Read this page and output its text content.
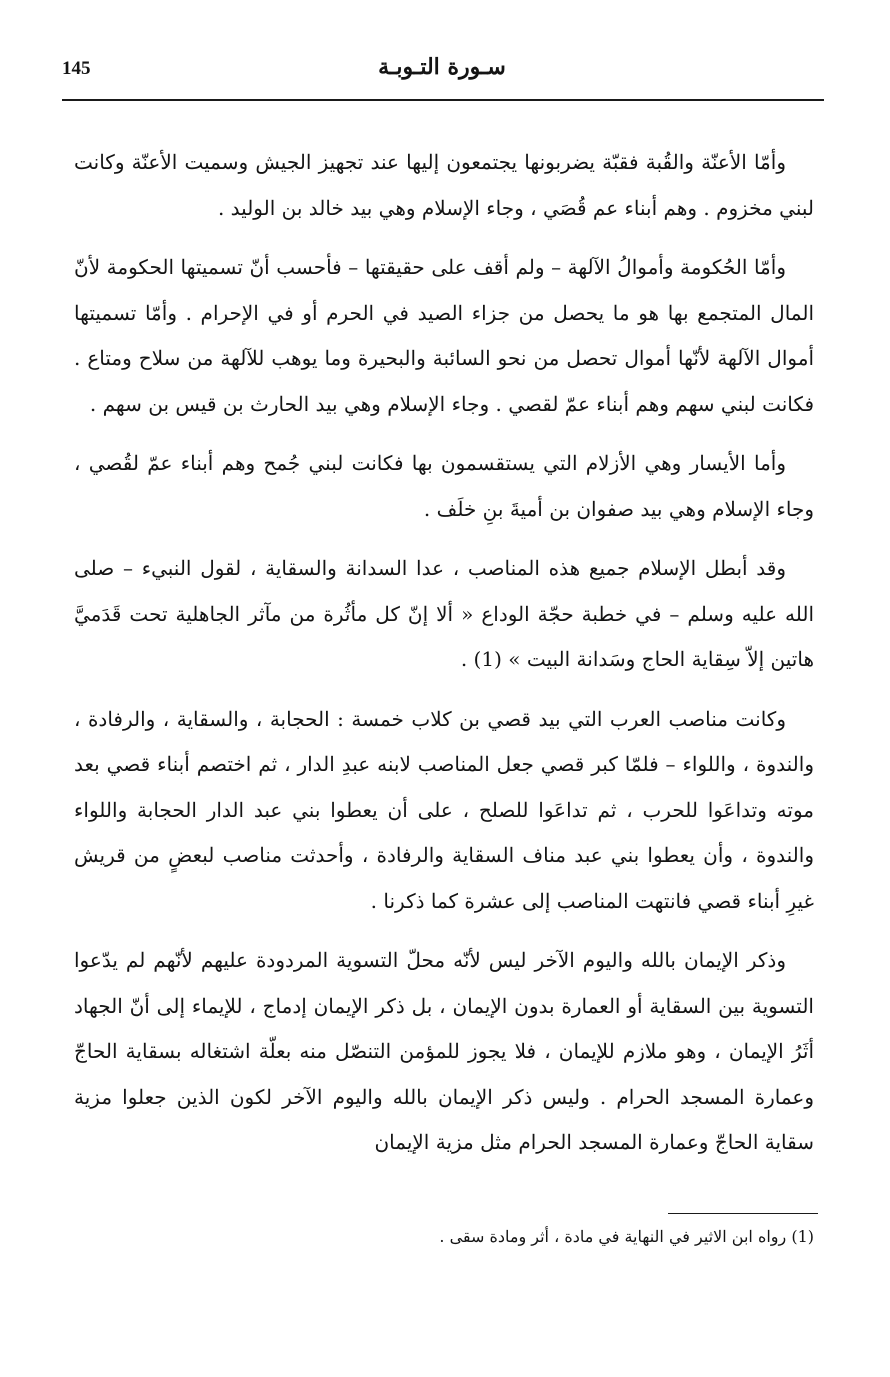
145	سـورة التـوبـة

وأمّا الأعنّة والقُبة فقبّة يضربونها يجتمعون إليها عند تجهيز الجيش وسميت الأعنّة وكانت لبني مخزوم . وهم أبناء عم قُصَي ، وجاء الإسلام وهي بيد خالد بن الوليد .

وأمّا الحُكومة وأموالُ الآلهة – ولم أقف على حقيقتها – فأحسب أنّ تسميتها الحكومة لأنّ المال المتجمع بها هو ما يحصل من جزاء الصيد في الحرم أو في الإحرام . وأمّا تسميتها أموال الآلهة لأنّها أموال تحصل من نحو السائبة والبحيرة وما يوهب للآلهة من سلاح ومتاع . فكانت لبني سهم وهم أبناء عمّ لقصي . وجاء الإسلام وهي بيد الحارث بن قيس بن سهم .

وأما الأيسار وهي الأزلام التي يستقسمون بها فكانت لبني جُمح وهم أبناء عمّ لقُصي ، وجاء الإسلام وهي بيد صفوان بن أميةَ بنِ خلَف .

وقد أبطل الإسلام جميع هذه المناصب ، عدا السدانة والسقاية ، لقول النبيء – صلى الله عليه وسلم – في خطبة حجّة الوداع « ألا إنّ كل مأثُرة من مآثر الجاهلية تحت قَدَميَّ هاتين إلاّ سِقاية الحاج وسَدانة البيت » (1) .

وكانت مناصب العرب التي بيد قصي بن كلاب خمسة : الحجابة ، والسقاية ، والرفادة ، والندوة ، واللواء – فلمّا كبر قصي جعل المناصب لابنه عبدِ الدار ، ثم اختصم أبناء قصي بعد موته وتداعَوا للحرب ، ثم تداعَوا للصلح ، على أن يعطوا بني عبد الدار الحجابة واللواء والندوة ، وأن يعطوا بني عبد مناف السقاية والرفادة ، وأحدثت مناصب لبعضٍ من قريش غيرِ أبناء قصي فانتهت المناصب إلى عشرة كما ذكرنا .

وذكر الإيمان بالله واليوم الآخر ليس لأنّه محلّ التسوية المردودة عليهم لأنّهم لم يدّعوا التسوية بين السقاية أو العمارة بدون الإيمان ، بل ذكر الإيمان إدماج ، للإيماء إلى أنّ الجهاد أثَرُ الإيمان ، وهو ملازم للإيمان ، فلا يجوز للمؤمن التنصّل منه بعلّة اشتغاله بسقاية الحاجّ وعمارة المسجد الحرام . وليس ذكر الإيمان بالله واليوم الآخر لكون الذين جعلوا مزية سقاية الحاجّ وعمارة المسجد الحرام مثل مزية الإيمان

(1) رواه ابن الاثير في النهاية في مادة ، أثر ومادة سقى .
